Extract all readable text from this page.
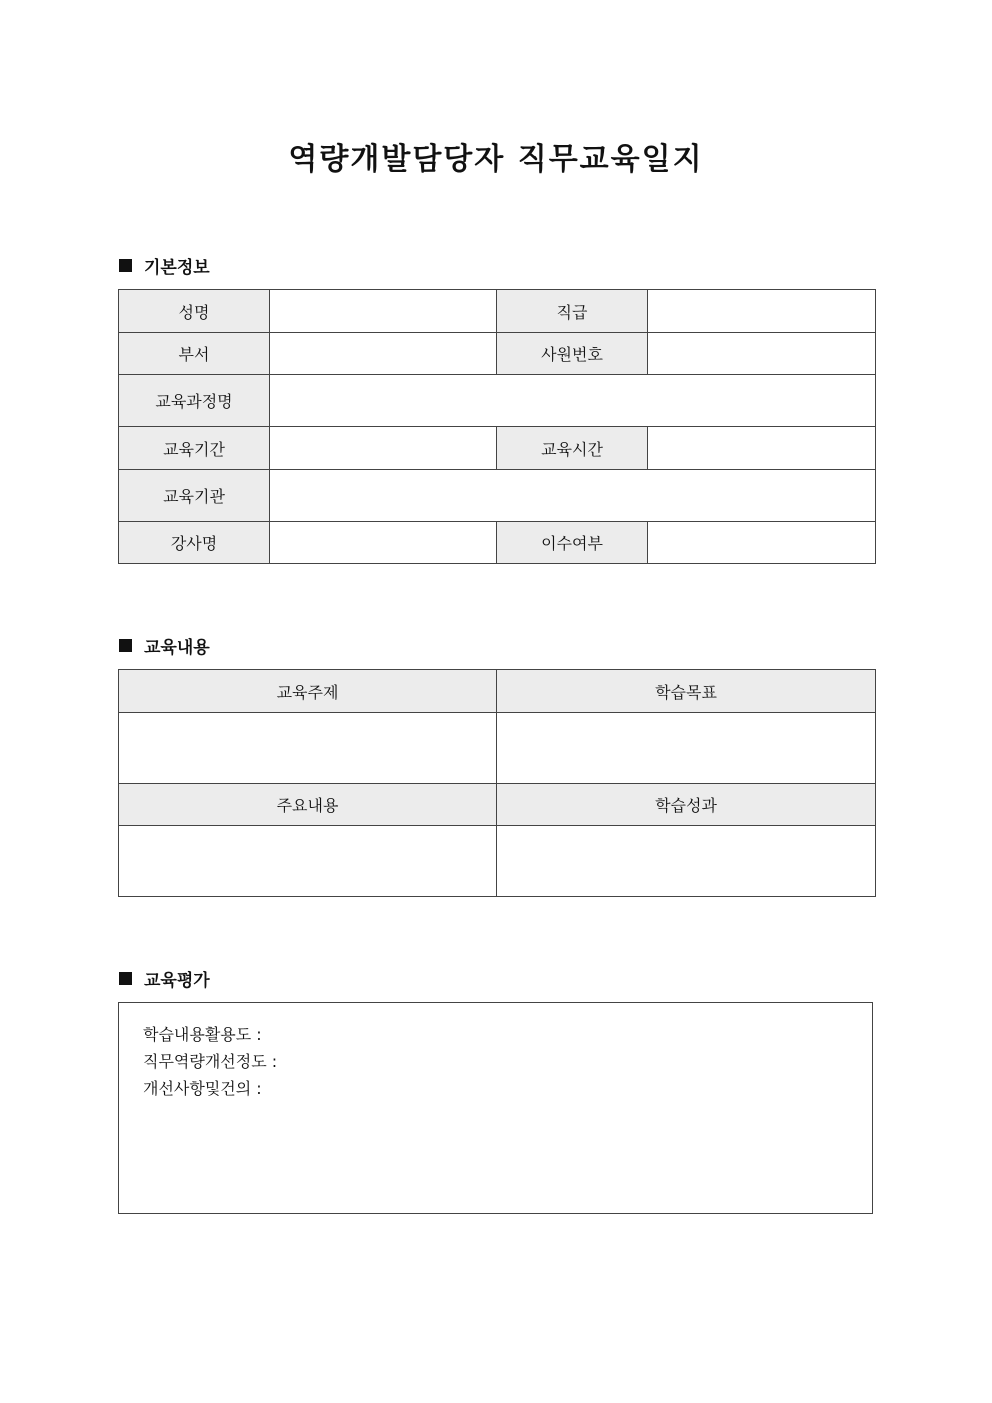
역량개발담당자 직무교육일지
기본정보
성명		직급	
부서		사원번호	
교육과정명			
교육기간		교육시간	
교육기관			
강사명		이수여부	
교육내용
교육주제	학습목표

주요내용	학습성과

교육평가
학습내용활용도 :
직무역량개선정도 :
개선사항및건의 :
